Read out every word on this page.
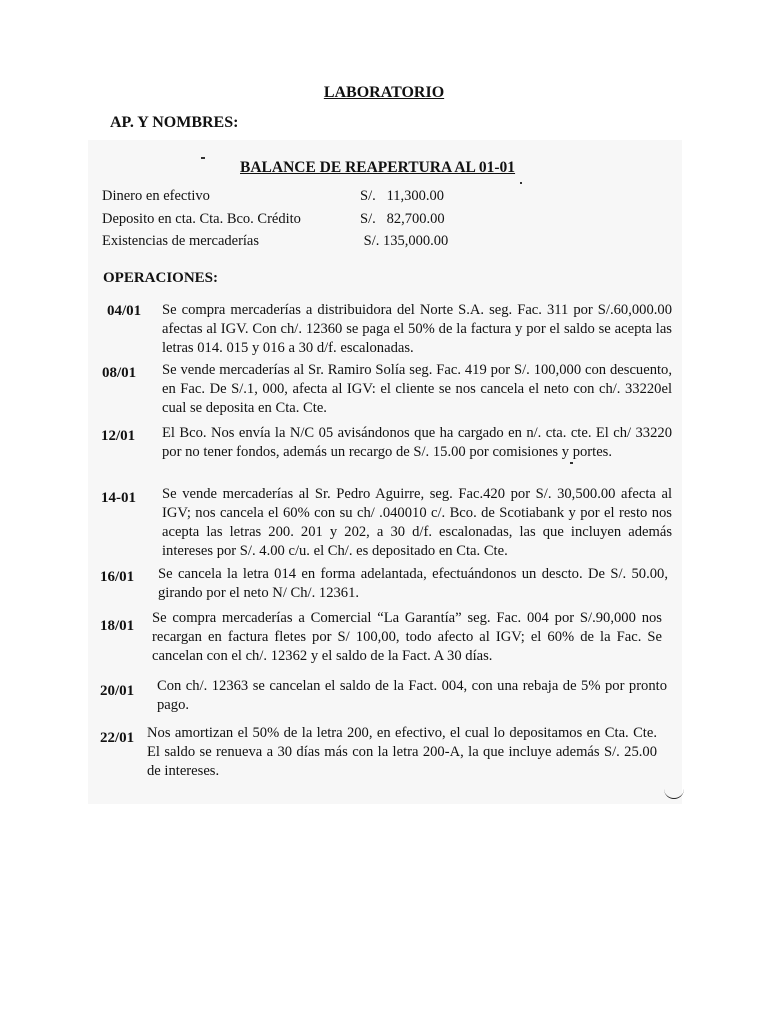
LABORATORIO
AP. Y NOMBRES:
BALANCE DE REAPERTURA AL 01-01
Dinero en efectivo	S/.   11,300.00
Deposito en cta. Cta. Bco. Crédito	S/.   82,700.00
Existencias de mercaderías	S/. 135,000.00
OPERACIONES:
04/01 Se compra mercaderías a distribuidora del Norte S.A. seg. Fac. 311 por S/.60,000.00 afectas al IGV. Con ch/. 12360 se paga el 50% de la factura y por el saldo se acepta las letras 014. 015 y 016 a 30 d/f. escalonadas.
08/01 Se vende mercaderías al Sr. Ramiro Solía seg. Fac. 419 por S/. 100,000 con descuento, en Fac. De S/.1, 000, afecta al IGV: el cliente se nos cancela el neto con ch/. 33220el cual se deposita en Cta. Cte.
12/01 El Bco. Nos envía la N/C 05 avisándonos que ha cargado en n/. cta. cte. El ch/ 33220 por no tener fondos, además un recargo de S/. 15.00 por comisiones y portes.
14-01 Se vende mercaderías al Sr. Pedro Aguirre, seg. Fac.420 por S/. 30,500.00 afecta al IGV; nos cancela el 60% con su ch/ .040010 c/. Bco. de Scotiabank y por el resto nos acepta las letras 200. 201 y 202, a 30 d/f. escalonadas, las que incluyen además intereses por S/. 4.00 c/u. el Ch/. es depositado en Cta. Cte.
16/01 Se cancela la letra 014 en forma adelantada, efectuándonos un descto. De S/. 50.00, girando por el neto N/ Ch/. 12361.
18/01 Se compra mercaderías a Comercial “La Garantía” seg. Fac. 004 por S/.90,000 nos recargan en factura fletes por S/ 100,00, todo afecto al IGV; el 60% de la Fac. Se cancelan con el ch/. 12362 y el saldo de la Fact. A 30 días.
20/01 Con ch/. 12363 se cancelan el saldo de la Fact. 004, con una rebaja de 5% por pronto pago.
22/01 Nos amortizan el 50% de la letra 200, en efectivo, el cual lo depositamos en Cta. Cte. El saldo se renueva a 30 días más con la letra 200-A, la que incluye además S/. 25.00 de intereses.
